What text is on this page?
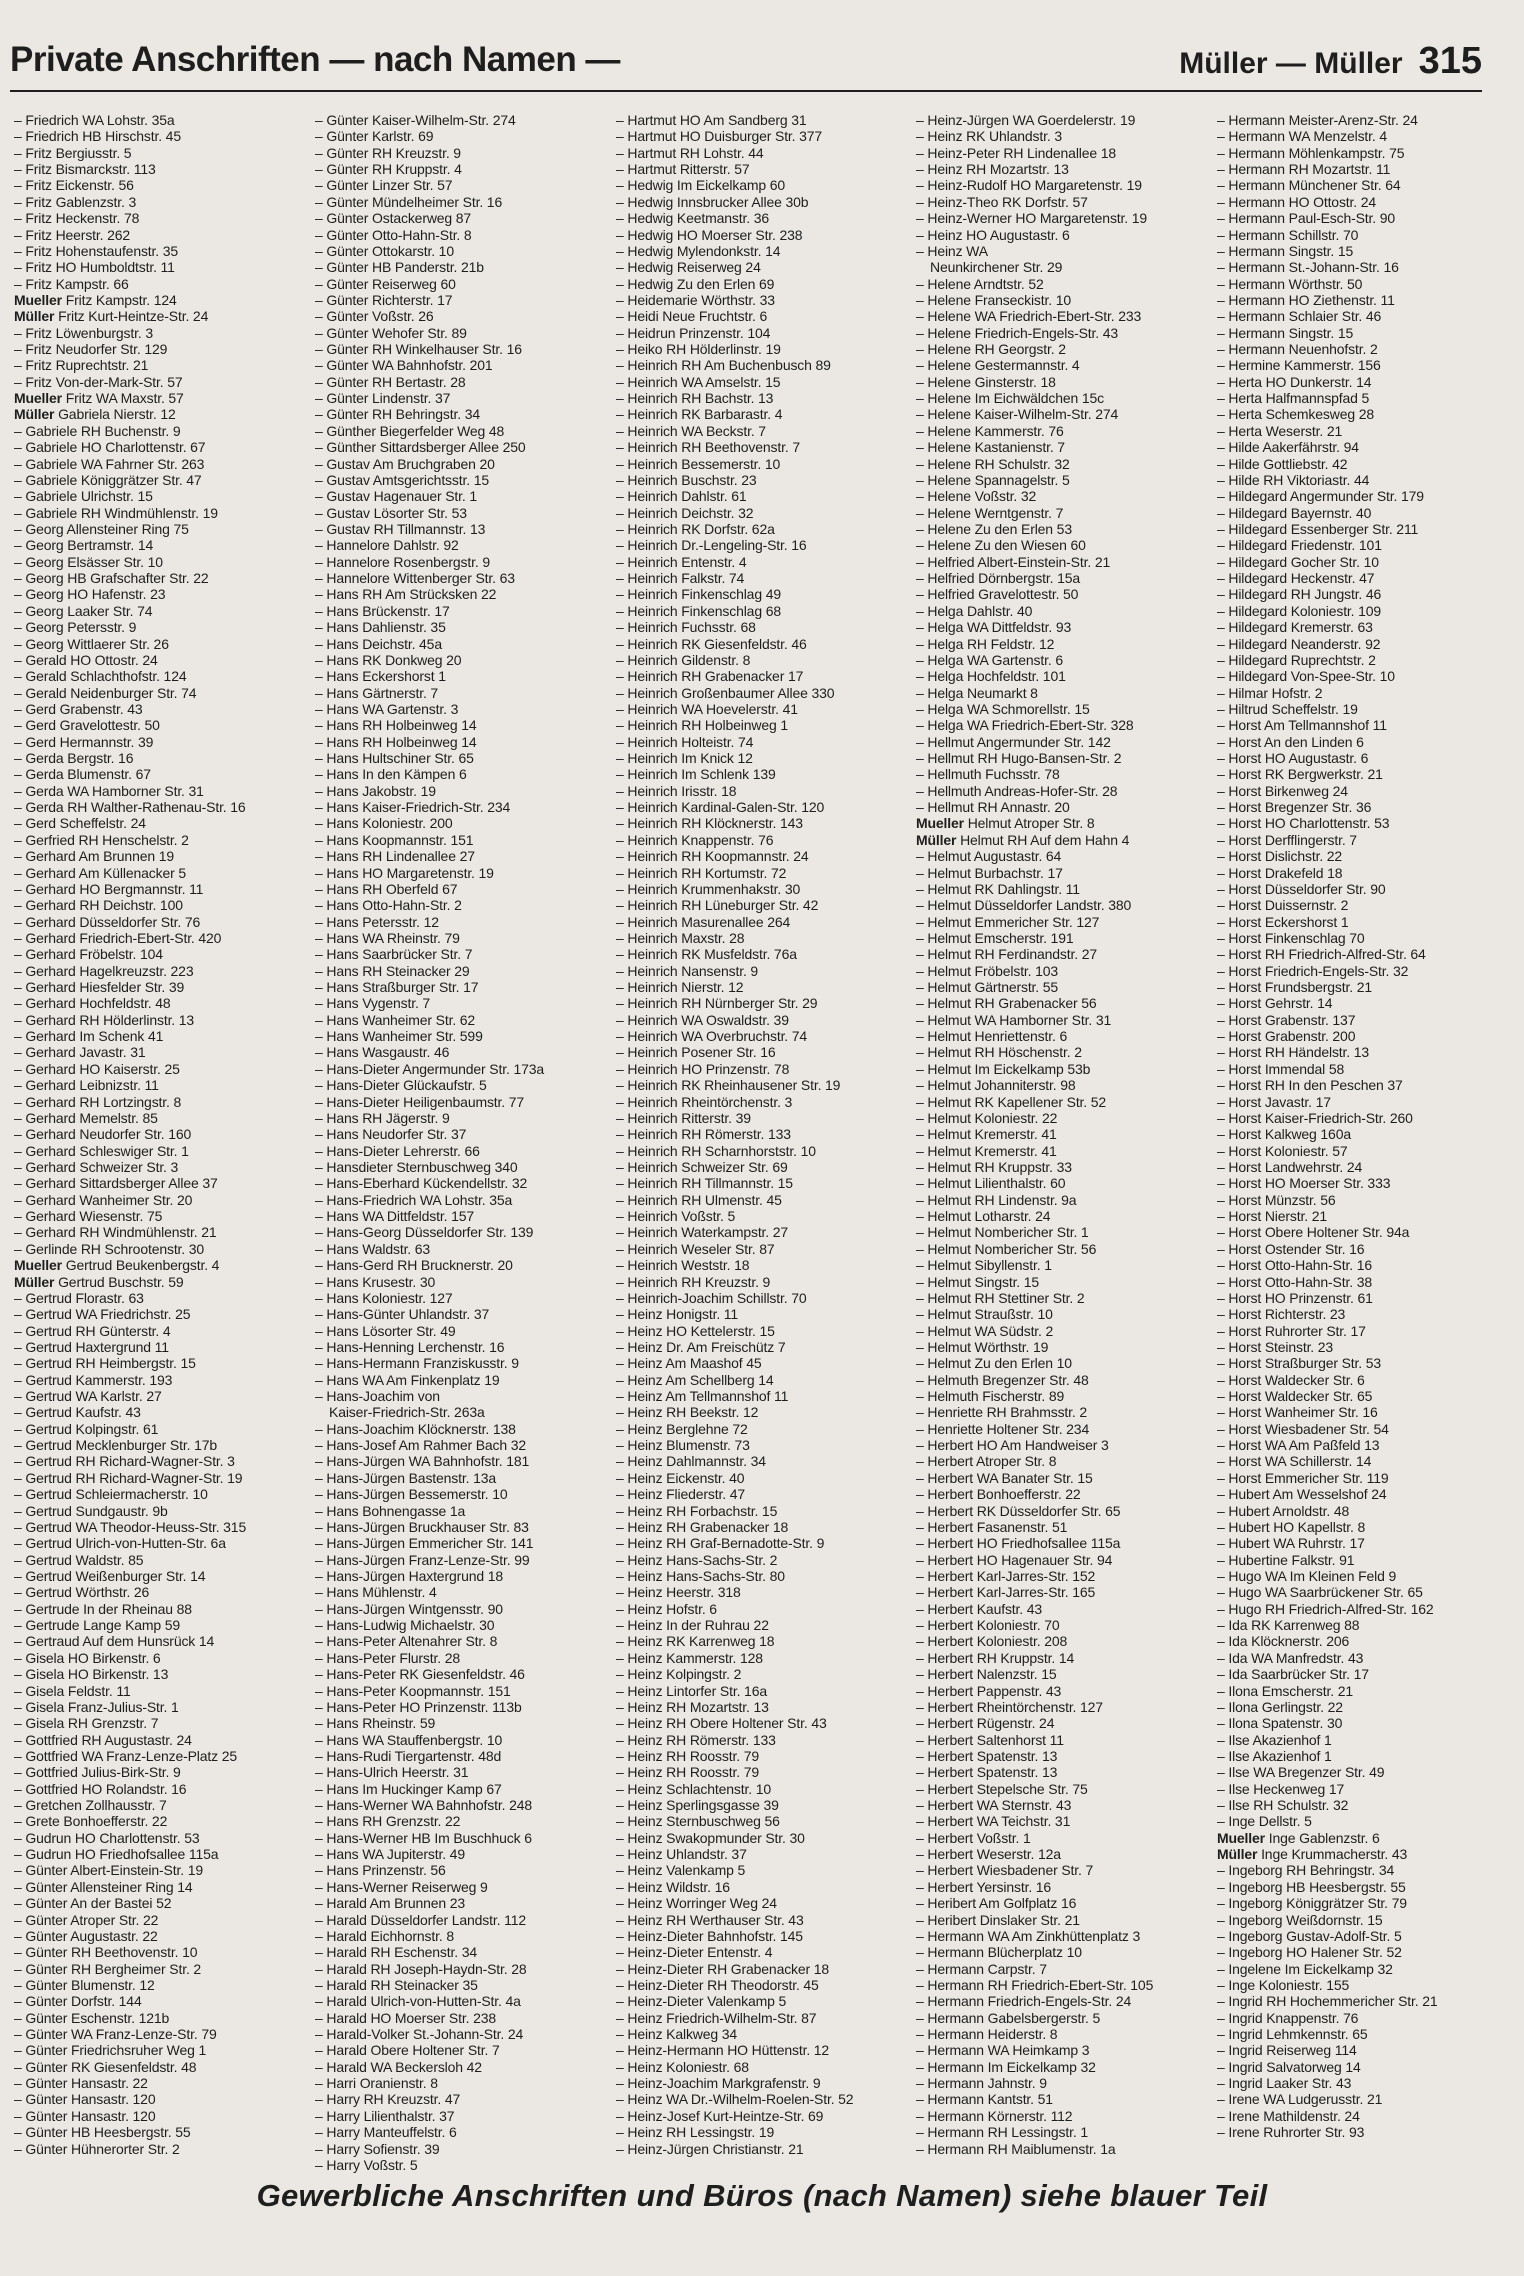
Private Anschriften — nach Namen —	Müller — Müller 315
– Friedrich WA Lohstr. 35a
– Friedrich HB Hirschstr. 45
– Fritz Bergiusstr. 5
– Fritz Bismarckstr. 113
– Fritz Eickenstr. 56
– Fritz Gablenzstr. 3
– Fritz Heckenstr. 78
– Fritz Heerstr. 262
– Fritz Hohenstaufenstr. 35
– Fritz HO Humboldtstr. 11
– Fritz Kampstr. 66
Mueller Fritz Kampstr. 124
Müller Fritz Kurt-Heintze-Str. 24
– Fritz Löwenburgstr. 3
– Fritz Neudorfer Str. 129
– Fritz Ruprechtstr. 21
– Fritz Von-der-Mark-Str. 57
Mueller Fritz WA Maxstr. 57
Müller Gabriela Nierstr. 12
– Gabriele RH Buchenstr. 9
– Gabriele HO Charlottenstr. 67
– Gabriele WA Fahrner Str. 263
– Gabriele Königgrätzer Str. 47
– Gabriele Ulrichstr. 15
– Gabriele RH Windmühlenstr. 19
– Georg Allensteiner Ring 75
– Georg Bertramstr. 14
– Georg Elsässer Str. 10
– Georg HB Grafschafter Str. 22
– Georg HO Hafenstr. 23
– Georg Laaker Str. 74
– Georg Petersstr. 9
– Georg Wittlaerer Str. 26
– Gerald HO Ottostr. 24
– Gerald Schlachthofstr. 124
– Gerald Neidenburger Str. 74
– Gerd Grabenstr. 43
– Gerd Gravelottestr. 50
– Gerd Hermannstr. 39
– Gerda Bergstr. 16
– Gerda Blumenstr. 67
– Gerda WA Hamborner Str. 31
– Gerda RH Walther-Rathenau-Str. 16
– Gerd Scheffelstr. 24
– Gerfried RH Henschelstr. 2
– Gerhard Am Brunnen 19
– Gerhard Am Küllenacker 5
– Gerhard HO Bergmannstr. 11
– Gerhard RH Deichstr. 100
– Gerhard Düsseldorfer Str. 76
– Gerhard Friedrich-Ebert-Str. 420
– Gerhard Fröbelstr. 104
– Gerhard Hagelkreuzstr. 223
– Gerhard Hiesfelder Str. 39
– Gerhard Hochfeldstr. 48
– Gerhard RH Hölderlinstr. 13
– Gerhard Im Schenk 41
– Gerhard Javastr. 31
– Gerhard HO Kaiserstr. 25
– Gerhard Leibnizstr. 11
– Gerhard RH Lortzingstr. 8
– Gerhard Memelstr. 85
– Gerhard Neudorfer Str. 160
– Gerhard Schleswiger Str. 1
– Gerhard Schweizer Str. 3
– Gerhard Sittardsberger Allee 37
– Gerhard Wanheimer Str. 20
– Gerhard Wiesenstr. 75
– Gerhard RH Windmühlenstr. 21
– Gerlinde RH Schrootenstr. 30
Mueller Gertrud Beukenbergstr. 4
Müller Gertrud Buschstr. 59
– Gertrud Florastr. 63
– Gertrud WA Friedrichstr. 25
– Gertrud RH Günterstr. 4
– Gertrud Haxtergrund 11
– Gertrud RH Heimbergstr. 15
– Gertrud Kammerstr. 193
– Gertrud WA Karlstr. 27
– Gertrud Kaufstr. 43
– Gertrud Kolpingstr. 61
– Gertrud Mecklenburger Str. 17b
– Gertrud RH Richard-Wagner-Str. 3
– Gertrud RH Richard-Wagner-Str. 19
– Gertrud Schleiermacherstr. 10
– Gertrud Sundgaustr. 9b
– Gertrud WA Theodor-Heuss-Str. 315
– Gertrud Ulrich-von-Hutten-Str. 6a
– Gertrud Waldstr. 85
– Gertrud Weißenburger Str. 14
– Gertrud Wörthstr. 26
– Gertrude In der Rheinau 88
– Gertrude Lange Kamp 59
– Gertraud Auf dem Hunsrück 14
– Gisela HO Birkenstr. 6
– Gisela HO Birkenstr. 13
– Gisela Feldstr. 11
– Gisela Franz-Julius-Str. 1
– Gisela RH Grenzstr. 7
– Gottfried RH Augustastr. 24
– Gottfried WA Franz-Lenze-Platz 25
– Gottfried Julius-Birk-Str. 9
– Gottfried HO Rolandstr. 16
– Gretchen Zollhausstr. 7
– Grete Bonhoefferstr. 22
– Gudrun HO Charlottenstr. 53
– Gudrun HO Friedhofsallee 115a
– Günter Albert-Einstein-Str. 19
– Günter Allensteiner Ring 14
– Günter An der Bastei 52
– Günter Atroper Str. 22
– Günter Augustastr. 22
– Günter RH Beethovenstr. 10
– Günter RH Bergheimer Str. 2
– Günter Blumenstr. 12
– Günter Dorfstr. 144
– Günter Eschenstr. 121b
– Günter WA Franz-Lenze-Str. 79
– Günter Friedrichsruher Weg 1
– Günter RK Giesenfeldstr. 48
– Günter Hansastr. 22
– Günter Hansastr. 120
– Günter Hansastr. 120
– Günter HB Heesbergstr. 55
– Günter Hühnerorter Str. 2
– Günter Kaiser-Wilhelm-Str. 274
– Günter Karlstr. 69
– Günter RH Kreuzstr. 9
– Günter RH Kruppstr. 4
– Günter Linzer Str. 57
– Günter Mündelheimer Str. 16
– Günter Ostackerweg 87
– Günter Otto-Hahn-Str. 8
– Günter Ottokarstr. 10
– Günter HB Panderstr. 21b
– Günter Reiserweg 60
– Günter Richterstr. 17
– Günter Voßstr. 26
– Günter Wehofer Str. 89
– Günter RH Winkelhauser Str. 16
– Günter WA Bahnhofstr. 201
– Günter RH Bertastr. 28
– Günter Lindenstr. 37
– Günter RH Behringstr. 34
– Günther Biegerfelder Weg 48
– Günther Sittardsberger Allee 250
– Gustav Am Bruchgraben 20
– Gustav Amtsgerichtsstr. 15
– Gustav Hagenauer Str. 1
– Gustav Lösorter Str. 53
– Gustav RH Tillmannstr. 13
– Hannelore Dahlstr. 92
– Hannelore Rosenbergstr. 9
– Hannelore Wittenberger Str. 63
– Hans RH Am Strücksken 22
– Hans Brückenstr. 17
– Hans Dahlienstr. 35
– Hans Deichstr. 45a
– Hans RK Donkweg 20
– Hans Eckershorst 1
– Hans Gärtnerstr. 7
– Hans WA Gartenstr. 3
– Hans RH Holbeinweg 14
– Hans RH Holbeinweg 14
– Hans Hultschiner Str. 65
– Hans In den Kämpen 6
– Hans Jakobstr. 19
– Hans Kaiser-Friedrich-Str. 234
– Hans Koloniestr. 200
– Hans Koopmannstr. 151
– Hans RH Lindenallee 27
– Hans HO Margaretenstr. 19
– Hans RH Oberfeld 67
– Hans Otto-Hahn-Str. 2
– Hans Petersstr. 12
– Hans WA Rheinstr. 79
– Hans Saarbrücker Str. 7
– Hans RH Steinacker 29
– Hans Straßburger Str. 17
– Hans Vygenstr. 7
– Hans Wanheimer Str. 62
– Hans Wanheimer Str. 599
– Hans Wasgaustr. 46
– Hans-Dieter Angermunder Str. 173a
– Hans-Dieter Glückaufstr. 5
– Hans-Dieter Heiligenbaumstr. 77
– Hans RH Jägerstr. 9
– Hans Neudorfer Str. 37
– Hans-Dieter Lehrerstr. 66
– Hansdieter Sternbuschweg 340
– Hans-Eberhard Kückendellstr. 32
– Hans-Friedrich WA Lohstr. 35a
– Hans WA Dittfeldstr. 157
– Hans-Georg Düsseldorfer Str. 139
– Hans Waldstr. 63
– Hans-Gerd RH Brucknerstr. 20
– Hans Krusestr. 30
– Hans Koloniestr. 127
– Hans-Günter Uhlandstr. 37
– Hans Lösorter Str. 49
– Hans-Henning Lerchenstr. 16
– Hans-Hermann Franziskusstr. 9
– Hans WA Am Finkenplatz 19
– Hans-Joachim von
Kaiser-Friedrich-Str. 263a
– Hans-Joachim Klöcknerstr. 138
– Hans-Josef Am Rahmer Bach 32
– Hans-Jürgen WA Bahnhofstr. 181
– Hans-Jürgen Bastenstr. 13a
– Hans-Jürgen Bessemerstr. 10
– Hans Bohnengasse 1a
– Hans-Jürgen Bruckhauser Str. 83
– Hans-Jürgen Emmericher Str. 141
– Hans-Jürgen Franz-Lenze-Str. 99
– Hans-Jürgen Haxtergrund 18
– Hans Mühlenstr. 4
– Hans-Jürgen Wintgensstr. 90
– Hans-Ludwig Michaelstr. 30
– Hans-Peter Altenahrer Str. 8
– Hans-Peter Flurstr. 28
– Hans-Peter RK Giesenfeldstr. 46
– Hans-Peter Koopmannstr. 151
– Hans-Peter HO Prinzenstr. 113b
– Hans Rheinstr. 59
– Hans WA Stauffenbergstr. 10
– Hans-Rudi Tiergartenstr. 48d
– Hans-Ulrich Heerstr. 31
– Hans Im Huckinger Kamp 67
– Hans-Werner WA Bahnhofstr. 248
– Hans RH Grenzstr. 22
– Hans-Werner HB Im Buschhuck 6
– Hans WA Jupiterstr. 49
– Hans Prinzenstr. 56
– Hans-Werner Reiserweg 9
– Harald Am Brunnen 23
– Harald Düsseldorfer Landstr. 112
– Harald Eichhornstr. 8
– Harald RH Eschenstr. 34
– Harald RH Joseph-Haydn-Str. 28
– Harald RH Steinacker 35
– Harald Ulrich-von-Hutten-Str. 4a
– Harald HO Moerser Str. 238
– Harald-Volker St.-Johann-Str. 24
– Harald Obere Holtener Str. 7
– Harald WA Beckersloh 42
– Harri Oranienstr. 8
– Harry RH Kreuzstr. 47
– Harry Lilienthalstr. 37
– Harry Manteuffelstr. 6
– Harry Sofienstr. 39
– Harry Voßstr. 5
– Hartmut HO Am Sandberg 31
– Hartmut HO Duisburger Str. 377
– Hartmut RH Lohstr. 44
– Hartmut Ritterstr. 57
– Hedwig Im Eickelkamp 60
– Hedwig Innsbrucker Allee 30b
– Hedwig Keetmanstr. 36
– Hedwig HO Moerser Str. 238
– Hedwig Mylendonkstr. 14
– Hedwig Reiserweg 24
– Hedwig Zu den Erlen 69
– Heidemarie Wörthstr. 33
– Heidi Neue Fruchtstr. 6
– Heidrun Prinzenstr. 104
– Heiko RH Hölderlinstr. 19
– Heinrich RH Am Buchenbusch 89
– Heinrich WA Amselstr. 15
– Heinrich RH Bachstr. 13
– Heinrich RK Barbarastr. 4
– Heinrich WA Beckstr. 7
– Heinrich RH Beethovenstr. 7
– Heinrich Bessemerstr. 10
– Heinrich Buschstr. 23
– Heinrich Dahlstr. 61
– Heinrich Deichstr. 32
– Heinrich RK Dorfstr. 62a
– Heinrich Dr.-Lengeling-Str. 16
– Heinrich Entenstr. 4
– Heinrich Falkstr. 74
– Heinrich Finkenschlag 49
– Heinrich Finkenschlag 68
– Heinrich Fuchsstr. 68
– Heinrich RK Giesenfeldstr. 46
– Heinrich Gildenstr. 8
– Heinrich RH Grabenacker 17
– Heinrich Großenbaumer Allee 330
– Heinrich WA Hoevelerstr. 41
– Heinrich RH Holbeinweg 1
– Heinrich Holteistr. 74
– Heinrich Im Knick 12
– Heinrich Im Schlenk 139
– Heinrich Irisstr. 18
– Heinrich Kardinal-Galen-Str. 120
– Heinrich RH Klöcknerstr. 143
– Heinrich Knappenstr. 76
– Heinrich RH Koopmannstr. 24
– Heinrich RH Kortumstr. 72
– Heinrich Krummenhakstr. 30
– Heinrich RH Lüneburger Str. 42
– Heinrich Masurenallee 264
– Heinrich Maxstr. 28
– Heinrich RK Musfeldstr. 76a
– Heinrich Nansenstr. 9
– Heinrich Nierstr. 12
– Heinrich RH Nürnberger Str. 29
– Heinrich WA Oswaldstr. 39
– Heinrich WA Overbruchstr. 74
– Heinrich Posener Str. 16
– Heinrich HO Prinzenstr. 78
– Heinrich RK Rheinhausener Str. 19
– Heinrich Rheintörchenstr. 3
– Heinrich Ritterstr. 39
– Heinrich RH Römerstr. 133
– Heinrich RH Scharnhorststr. 10
– Heinrich Schweizer Str. 69
– Heinrich RH Tillmannstr. 15
– Heinrich RH Ulmenstr. 45
– Heinrich Voßstr. 5
– Heinrich Waterkampstr. 27
– Heinrich Weseler Str. 87
– Heinrich Weststr. 18
– Heinrich RH Kreuzstr. 9
– Heinrich-Joachim Schillstr. 70
– Heinz Honigstr. 11
– Heinz HO Kettelerstr. 15
– Heinz Dr. Am Freischütz 7
– Heinz Am Maashof 45
– Heinz Am Schellberg 14
– Heinz Am Tellmannshof 11
– Heinz RH Beekstr. 12
– Heinz Berglehne 72
– Heinz Blumenstr. 73
– Heinz Dahlmannstr. 34
– Heinz Eickenstr. 40
– Heinz Fliederstr. 47
– Heinz RH Forbachstr. 15
– Heinz RH Grabenacker 18
– Heinz RH Graf-Bernadotte-Str. 9
– Heinz Hans-Sachs-Str. 2
– Heinz Hans-Sachs-Str. 80
– Heinz Heerstr. 318
– Heinz Hofstr. 6
– Heinz In der Ruhrau 22
– Heinz RK Karrenweg 18
– Heinz Kammerstr. 128
– Heinz Kolpingstr. 2
– Heinz Lintorfer Str. 16a
– Heinz RH Mozartstr. 13
– Heinz RH Obere Holtener Str. 43
– Heinz RH Römerstr. 133
– Heinz RH Roosstr. 79
– Heinz RH Roosstr. 79
– Heinz Schlachtenstr. 10
– Heinz Sperlingsgasse 39
– Heinz Sternbuschweg 56
– Heinz Swakopmunder Str. 30
– Heinz Uhlandstr. 37
– Heinz Valenkamp 5
– Heinz Wildstr. 16
– Heinz Worringer Weg 24
– Heinz RH Werthauser Str. 43
– Heinz-Dieter Bahnhofstr. 145
– Heinz-Dieter Entenstr. 4
– Heinz-Dieter RH Grabenacker 18
– Heinz-Dieter RH Theodorstr. 45
– Heinz-Dieter Valenkamp 5
– Heinz Friedrich-Wilhelm-Str. 87
– Heinz Kalkweg 34
– Heinz-Hermann HO Hüttenstr. 12
– Heinz Koloniestr. 68
– Heinz-Joachim Markgrafenstr. 9
– Heinz WA Dr.-Wilhelm-Roelen-Str. 52
– Heinz-Josef Kurt-Heintze-Str. 69
– Heinz RH Lessingstr. 19
– Heinz-Jürgen Christianstr. 21
– Heinz-Jürgen WA Goerdelerstr. 19
– Heinz RK Uhlandstr. 3
– Heinz-Peter RH Lindenallee 18
– Heinz RH Mozartstr. 13
– Heinz-Rudolf HO Margaretenstr. 19
– Heinz-Theo RK Dorfstr. 57
– Heinz-Werner HO Margaretenstr. 19
– Heinz HO Augustastr. 6
– Heinz WA
Neunkirchener Str. 29
– Helene Arndtstr. 52
– Helene Franseckistr. 10
– Helene WA Friedrich-Ebert-Str. 233
– Helene Friedrich-Engels-Str. 43
– Helene RH Georgstr. 2
– Helene Gestermannstr. 4
– Helene Ginsterstr. 18
– Helene Im Eichwäldchen 15c
– Helene Kaiser-Wilhelm-Str. 274
– Helene Kammerstr. 76
– Helene Kastanienstr. 7
– Helene RH Schulstr. 32
– Helene Spannagelstr. 5
– Helene Voßstr. 32
– Helene Werntgenstr. 7
– Helene Zu den Erlen 53
– Helene Zu den Wiesen 60
– Helfried Albert-Einstein-Str. 21
– Helfried Dörnbergstr. 15a
– Helfried Gravelottestr. 50
– Helga Dahlstr. 40
– Helga WA Dittfeldstr. 93
– Helga RH Feldstr. 12
– Helga WA Gartenstr. 6
– Helga Hochfeldstr. 101
– Helga Neumarkt 8
– Helga WA Schmorellstr. 15
– Helga WA Friedrich-Ebert-Str. 328
– Hellmut Angermunder Str. 142
– Hellmut RH Hugo-Bansen-Str. 2
– Hellmuth Fuchsstr. 78
– Hellmuth Andreas-Hofer-Str. 28
– Hellmut RH Annastr. 20
Mueller Helmut Atroper Str. 8
Müller Helmut RH Auf dem Hahn 4
– Helmut Augustastr. 64
– Helmut Burbachstr. 17
– Helmut RK Dahlingstr. 11
– Helmut Düsseldorfer Landstr. 380
– Helmut Emmericher Str. 127
– Helmut Emscherstr. 191
– Helmut RH Ferdinandstr. 27
– Helmut Fröbelstr. 103
– Helmut Gärtnerstr. 55
– Helmut RH Grabenacker 56
– Helmut WA Hamborner Str. 31
– Helmut Henriettenstr. 6
– Helmut RH Höschenstr. 2
– Helmut Im Eickelkamp 53b
– Helmut Johanniterstr. 98
– Helmut RK Kapellener Str. 52
– Helmut Koloniestr. 22
– Helmut Kremerstr. 41
– Helmut Kremerstr. 41
– Helmut RH Kruppstr. 33
– Helmut Lilienthalstr. 60
– Helmut RH Lindenstr. 9a
– Helmut Lotharstr. 24
– Helmut Nombericher Str. 1
– Helmut Nombericher Str. 56
– Helmut Sibyllenstr. 1
– Helmut Singstr. 15
– Helmut RH Stettiner Str. 2
– Helmut Straußstr. 10
– Helmut WA Südstr. 2
– Helmut Wörthstr. 19
– Helmut Zu den Erlen 10
– Helmuth Bregenzer Str. 48
– Helmuth Fischerstr. 89
– Henriette RH Brahmsstr. 2
– Henriette Holtener Str. 234
– Herbert HO Am Handweiser 3
– Herbert Atroper Str. 8
– Herbert WA Banater Str. 15
– Herbert Bonhoefferstr. 22
– Herbert RK Düsseldorfer Str. 65
– Herbert Fasanenstr. 51
– Herbert HO Friedhofsallee 115a
– Herbert HO Hagenauer Str. 94
– Herbert Karl-Jarres-Str. 152
– Herbert Karl-Jarres-Str. 165
– Herbert Kaufstr. 43
– Herbert Koloniestr. 70
– Herbert Koloniestr. 208
– Herbert RH Kruppstr. 14
– Herbert Nalenzstr. 15
– Herbert Pappenstr. 43
– Herbert Rheintörchenstr. 127
– Herbert Rügenstr. 24
– Herbert Saltenhorst 11
– Herbert Spatenstr. 13
– Herbert Spatenstr. 13
– Herbert Stepelsche Str. 75
– Herbert WA Sternstr. 43
– Herbert WA Teichstr. 31
– Herbert Voßstr. 1
– Herbert Weserstr. 12a
– Herbert Wiesbadener Str. 7
– Herbert Yersinstr. 16
– Heribert Am Golfplatz 16
– Heribert Dinslaker Str. 21
– Hermann WA Am Zinkhüttenplatz 3
– Hermann Blücherplatz 10
– Hermann Carpstr. 7
– Hermann RH Friedrich-Ebert-Str. 105
– Hermann Friedrich-Engels-Str. 24
– Hermann Gabelsbergerstr. 5
– Hermann Heiderstr. 8
– Hermann WA Heimkamp 3
– Hermann Im Eickelkamp 32
– Hermann Jahnstr. 9
– Hermann Kantstr. 51
– Hermann Körnerstr. 112
– Hermann RH Lessingstr. 1
– Hermann RH Maiblumenstr. 1a
– Hermann Meister-Arenz-Str. 24
– Hermann WA Menzelstr. 4
– Hermann Möhlenkampstr. 75
– Hermann RH Mozartstr. 11
– Hermann Münchener Str. 64
– Hermann HO Ottostr. 24
– Hermann Paul-Esch-Str. 90
– Hermann Schillstr. 70
– Hermann Singstr. 15
– Hermann St.-Johann-Str. 16
– Hermann Wörthstr. 50
– Hermann HO Ziethenstr. 11
– Hermann Schlaier Str. 46
– Hermann Singstr. 15
– Hermann Neuenhofstr. 2
– Hermine Kammerstr. 156
– Herta HO Dunkerstr. 14
– Herta Halfmannspfad 5
– Herta Schemkesweg 28
– Herta Weserstr. 21
– Hilde Aakerfährstr. 94
– Hilde Gottliebstr. 42
– Hilde RH Viktoriastr. 44
– Hildegard Angermunder Str. 179
– Hildegard Bayernstr. 40
– Hildegard Essenberger Str. 211
– Hildegard Friedenstr. 101
– Hildegard Gocher Str. 10
– Hildegard Heckenstr. 47
– Hildegard RH Jungstr. 46
– Hildegard Koloniestr. 109
– Hildegard Kremerstr. 63
– Hildegard Neanderstr. 92
– Hildegard Ruprechtstr. 2
– Hildegard Von-Spee-Str. 10
– Hilmar Hofstr. 2
– Hiltrud Scheffelstr. 19
– Horst Am Tellmannshof 11
– Horst An den Linden 6
– Horst HO Augustastr. 6
– Horst RK Bergwerkstr. 21
– Horst Birkenweg 24
– Horst Bregenzer Str. 36
– Horst HO Charlottenstr. 53
– Horst Derfflingerstr. 7
– Horst Dislichstr. 22
– Horst Drakefeld 18
– Horst Düsseldorfer Str. 90
– Horst Duissernstr. 2
– Horst Eckershorst 1
– Horst Finkenschlag 70
– Horst RH Friedrich-Alfred-Str. 64
– Horst Friedrich-Engels-Str. 32
– Horst Frundsbergstr. 21
– Horst Gehrstr. 14
– Horst Grabenstr. 137
– Horst Grabenstr. 200
– Horst RH Händelstr. 13
– Horst Immendal 58
– Horst RH In den Peschen 37
– Horst Javastr. 17
– Horst Kaiser-Friedrich-Str. 260
– Horst Kalkweg 160a
– Horst Koloniestr. 57
– Horst Landwehrstr. 24
– Horst HO Moerser Str. 333
– Horst Münzstr. 56
– Horst Nierstr. 21
– Horst Obere Holtener Str. 94a
– Horst Ostender Str. 16
– Horst Otto-Hahn-Str. 16
– Horst Otto-Hahn-Str. 38
– Horst HO Prinzenstr. 61
– Horst Richterstr. 23
– Horst Ruhrorter Str. 17
– Horst Steinstr. 23
– Horst Straßburger Str. 53
– Horst Waldecker Str. 6
– Horst Waldecker Str. 65
– Horst Wanheimer Str. 16
– Horst Wiesbadener Str. 54
– Horst WA Am Paßfeld 13
– Horst WA Schillerstr. 14
– Horst Emmericher Str. 119
– Hubert Am Wesselshof 24
– Hubert Arnoldstr. 48
– Hubert HO Kapellstr. 8
– Hubert WA Ruhrstr. 17
– Hubertine Falkstr. 91
– Hugo WA Im Kleinen Feld 9
– Hugo WA Saarbrückener Str. 65
– Hugo RH Friedrich-Alfred-Str. 162
– Ida RK Karrenweg 88
– Ida Klöcknerstr. 206
– Ida WA Manfredstr. 43
– Ida Saarbrücker Str. 17
– Ilona Emscherstr. 21
– Ilona Gerlingstr. 22
– Ilona Spatenstr. 30
– Ilse Akazienhof 1
– Ilse Akazienhof 1
– Ilse WA Bregenzer Str. 49
– Ilse Heckenweg 17
– Ilse RH Schulstr. 32
– Inge Dellstr. 5
Mueller Inge Gablenzstr. 6
Müller Inge Krummacherstr. 43
– Ingeborg RH Behringstr. 34
– Ingeborg HB Heesbergstr. 55
– Ingeborg Königgrätzer Str. 79
– Ingeborg Weißdornstr. 15
– Ingeborg Gustav-Adolf-Str. 5
– Ingeborg HO Halener Str. 52
– Ingelene Im Eickelkamp 32
– Inge Koloniestr. 155
– Ingrid RH Hochemmericher Str. 21
– Ingrid Knappenstr. 76
– Ingrid Lehmkennstr. 65
– Ingrid Reiserweg 114
– Ingrid Salvatorweg 14
– Ingrid Laaker Str. 43
– Irene WA Ludgerusstr. 21
– Irene Mathildenstr. 24
– Irene Ruhrorter Str. 93
Gewerbliche Anschriften und Büros (nach Namen) siehe blauer Teil
